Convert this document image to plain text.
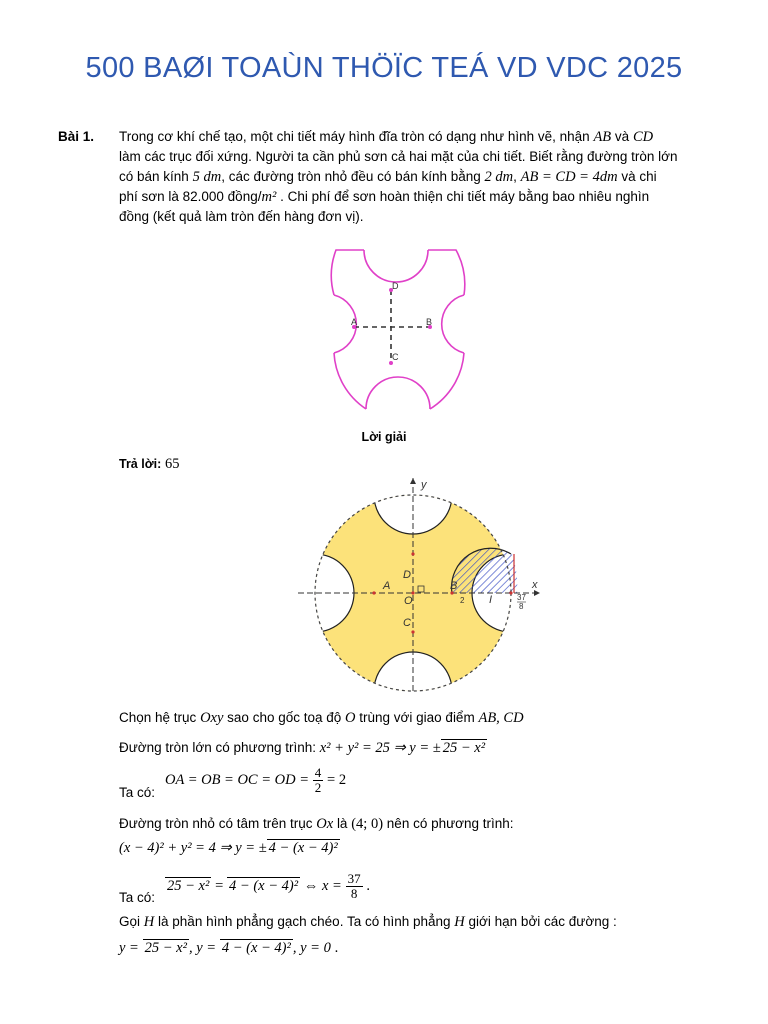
500 BAØI TOAÙN THÖÏC TEÁ VD VDC 2025
Bài 1. Trong cơ khí chế tạo, một chi tiết máy hình đĩa tròn có dạng như hình vẽ, nhận AB và CD
làm các trục đối xứng. Người ta cần phủ sơn cả hai mặt của chi tiết. Biết rằng đường tròn lớn
có bán kính 5 dm, các đường tròn nhỏ đều có bán kính bằng 2 dm, AB = CD = 4dm và chi
phí sơn là 82.000 đồng/m² . Chi phí để sơn hoàn thiện chi tiết máy bằng bao nhiêu nghìn
đồng (kết quả làm tròn đến hàng đơn vị).
A	B
D
C
Lời giải
Trả lời: 65
y
x
A	B
D
C
O	I
2	37
8
Chọn hệ trục Oxy sao cho gốc toạ độ O trùng với giao điểm AB, CD
Đường tròn lớn có phương trình: x² + y² = 25 ⇒ y = ± 25 − x²
Ta có:
OA = OB = OC = OD = $\frac{4}{2} = 2$
Đường tròn nhỏ có tâm trên trục Ox là (4; 0) nên có phương trình:
(x − 4)² + y² = 4 ⇒ y = ± 4 − (x − 4)²
Ta có:
25 − x² = 4 − (x − 4)² ⇔ $x = \frac{37}{8}$ .
Gọi H là phần hình phẳng gạch chéo. Ta có hình phẳng H giới hạn bởi các đường :
y = 25 − x² , y = 4 − (x − 4)² , y = 0 .
